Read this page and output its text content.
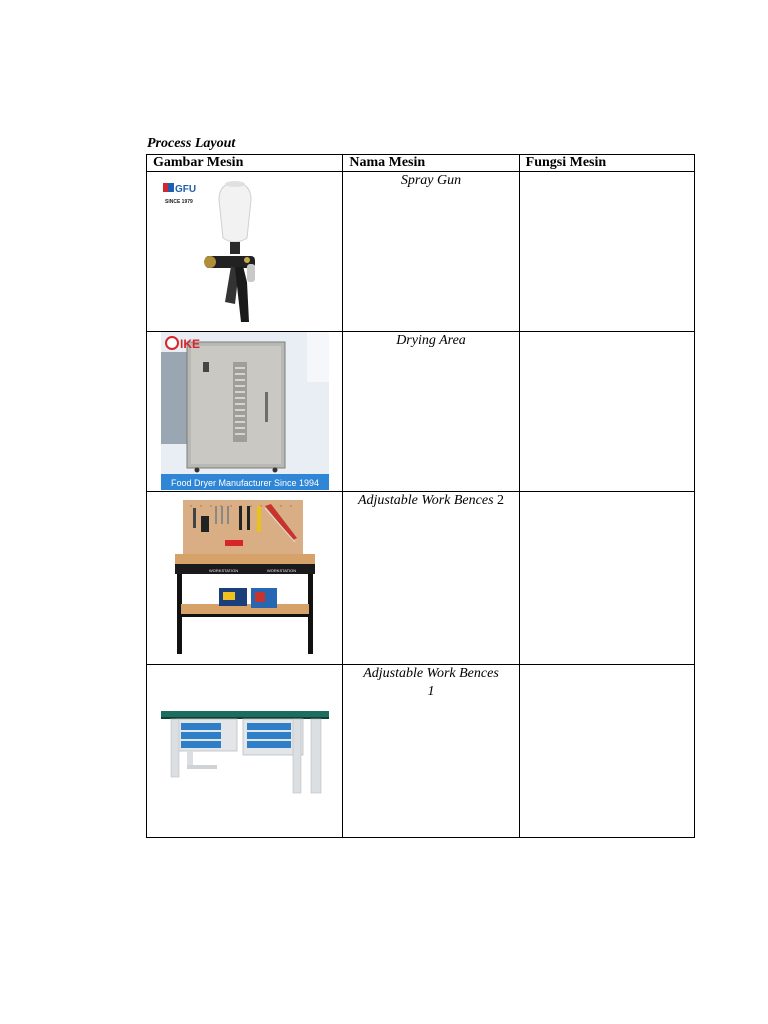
Process Layout
Gambar Mesin	Nama Mesin	Fungsi Mesin

GFU
SINCE 1979	Spray Gun	

IKE
Food Dryer Manufacturer Since 1994	Drying Area	

WORKSTATION WORKSTATION	Adjustable Work Bences 2	

	Adjustable Work Bences
1	
